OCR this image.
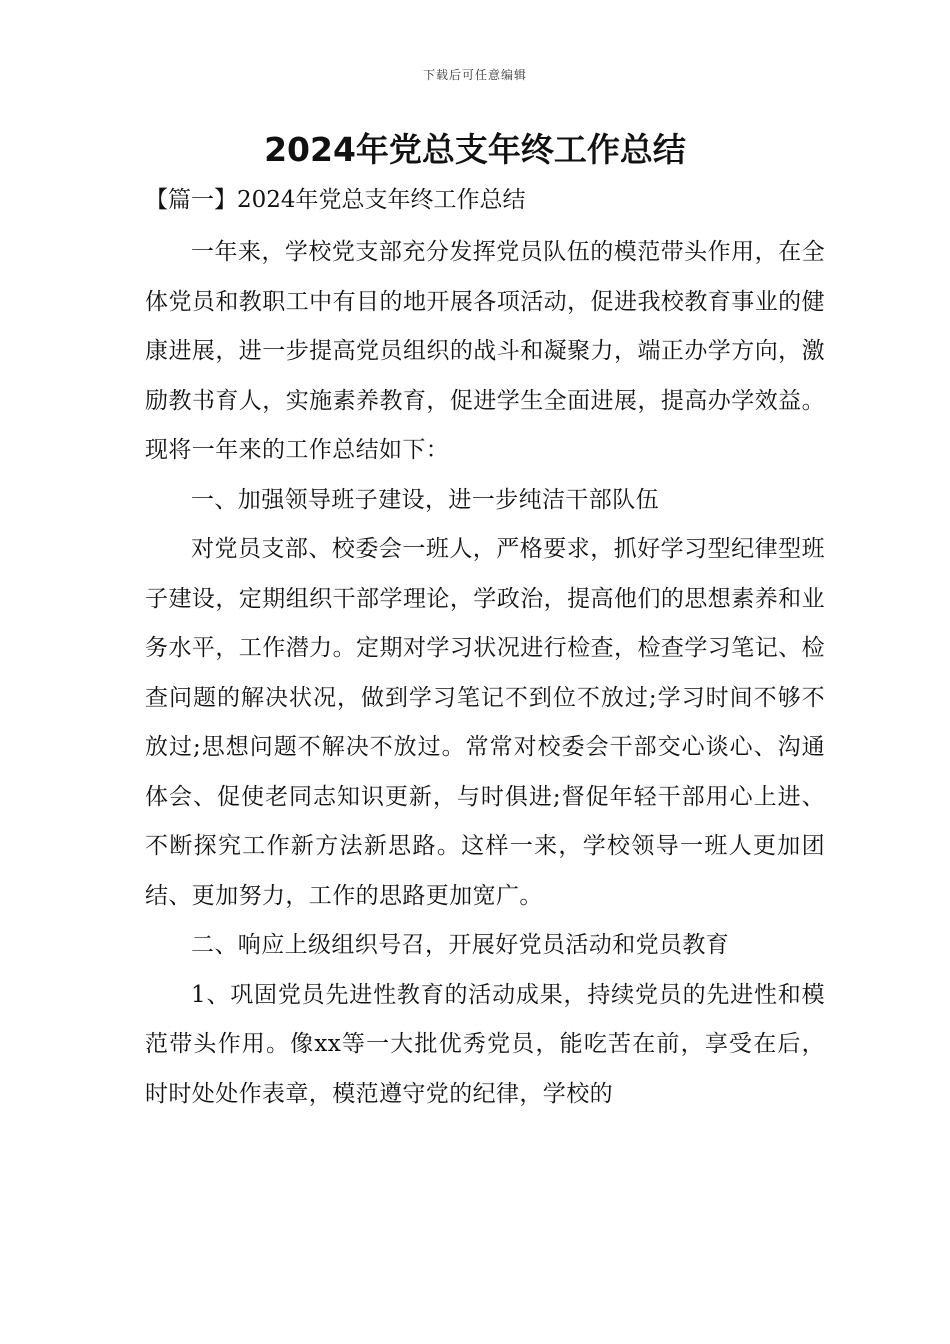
下载后可任意编辑
2024年党总支年终工作总结

【篇一】2024年党总支年终工作总结

一年来，学校党支部充分发挥党员队伍的模范带头作用，在全体党员和教职工中有目的地开展各项活动，促进我校教育事业的健康进展，进一步提高党员组织的战斗和凝聚力，端正办学方向，激励教书育人，实施素养教育，促进学生全面进展，提高办学效益。现将一年来的工作总结如下：

一、加强领导班子建设，进一步纯洁干部队伍

对党员支部、校委会一班人，严格要求，抓好学习型纪律型班子建设，定期组织干部学理论，学政治，提高他们的思想素养和业务水平，工作潜力。定期对学习状况进行检查，检查学习笔记、检查问题的解决状况，做到学习笔记不到位不放过;学习时间不够不放过;思想问题不解决不放过。常常对校委会干部交心谈心、沟通体会、促使老同志知识更新，与时俱进;督促年轻干部用心上进、不断探究工作新方法新思路。这样一来，学校领导一班人更加团结、更加努力，工作的思路更加宽广。

二、响应上级组织号召，开展好党员活动和党员教育

1、巩固党员先进性教育的活动成果，持续党员的先进性和模范带头作用。像xx等一大批优秀党员，能吃苦在前，享受在后，时时处处作表章，模范遵守党的纪律，学校的
